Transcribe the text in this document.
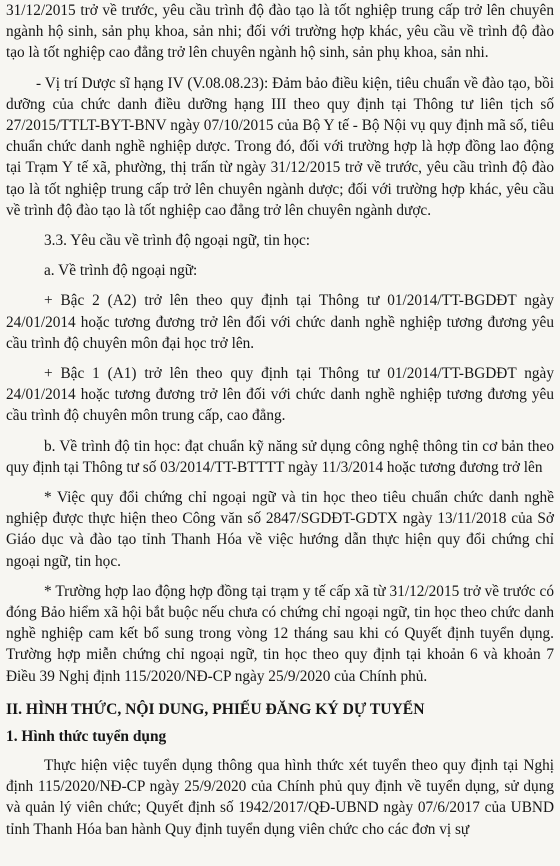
31/12/2015 trở về trước, yêu cầu trình độ đào tạo là tốt nghiệp trung cấp trở lên chuyên ngành hộ sinh, sản phụ khoa, sản nhi; đối với trường hợp khác, yêu cầu về trình độ đào tạo là tốt nghiệp cao đẳng trở lên chuyên ngành hộ sinh, sản phụ khoa, sản nhi.

- Vị trí Dược sĩ hạng IV (V.08.08.23): Đảm bảo điều kiện, tiêu chuẩn về đào tạo, bồi dưỡng của chức danh điều dưỡng hạng III theo quy định tại Thông tư liên tịch số 27/2015/TTLT-BYT-BNV ngày 07/10/2015 của Bộ Y tế - Bộ Nội vụ quy định mã số, tiêu chuẩn chức danh nghề nghiệp dược. Trong đó, đối với trường hợp là hợp đồng lao động tại Trạm Y tế xã, phường, thị trấn từ ngày 31/12/2015 trở về trước, yêu cầu trình độ đào tạo là tốt nghiệp trung cấp trở lên chuyên ngành dược; đối với trường hợp khác, yêu cầu về trình độ đào tạo là tốt nghiệp cao đẳng trở lên chuyên ngành dược.

3.3. Yêu cầu về trình độ ngoại ngữ, tin học:

a. Về trình độ ngoại ngữ:

+ Bậc 2 (A2) trở lên theo quy định tại Thông tư 01/2014/TT-BGDĐT ngày 24/01/2014 hoặc tương đương trở lên đối với chức danh nghề nghiệp tương đương yêu cầu trình độ chuyên môn đại học trở lên.

+ Bậc 1 (A1) trở lên theo quy định tại Thông tư 01/2014/TT-BGDĐT ngày 24/01/2014 hoặc tương đương trở lên đối với chức danh nghề nghiệp tương đương yêu cầu trình độ chuyên môn trung cấp, cao đẳng.

b. Về trình độ tin học: đạt chuẩn kỹ năng sử dụng công nghệ thông tin cơ bản theo quy định tại Thông tư số 03/2014/TT-BTTTT ngày 11/3/2014 hoặc tương đương trở lên

* Việc quy đổi chứng chỉ ngoại ngữ và tin học theo tiêu chuẩn chức danh nghề nghiệp được thực hiện theo Công văn số 2847/SGDĐT-GDTX ngày 13/11/2018 của Sở Giáo dục và đào tạo tỉnh Thanh Hóa về việc hướng dẫn thực hiện quy đổi chứng chỉ ngoại ngữ, tin học.

* Trường hợp lao động hợp đồng tại trạm y tế cấp xã từ 31/12/2015 trở về trước có đóng Bảo hiểm xã hội bắt buộc nếu chưa có chứng chỉ ngoại ngữ, tin học theo chức danh nghề nghiệp cam kết bổ sung trong vòng 12 tháng sau khi có Quyết định tuyển dụng. Trường hợp miễn chứng chỉ ngoại ngữ, tin học theo quy định tại khoản 6 và khoản 7 Điều 39 Nghị định 115/2020/NĐ-CP ngày 25/9/2020 của Chính phủ.

II. HÌNH THỨC, NỘI DUNG, PHIẾU ĐĂNG KÝ DỰ TUYỂN
1. Hình thức tuyển dụng

Thực hiện việc tuyển dụng thông qua hình thức xét tuyển theo quy định tại Nghị định 115/2020/NĐ-CP ngày 25/9/2020 của Chính phủ quy định về tuyển dụng, sử dụng và quản lý viên chức; Quyết định số 1942/2017/QĐ-UBND ngày 07/6/2017 của UBND tỉnh Thanh Hóa ban hành Quy định tuyển dụng viên chức cho các đơn vị sự
